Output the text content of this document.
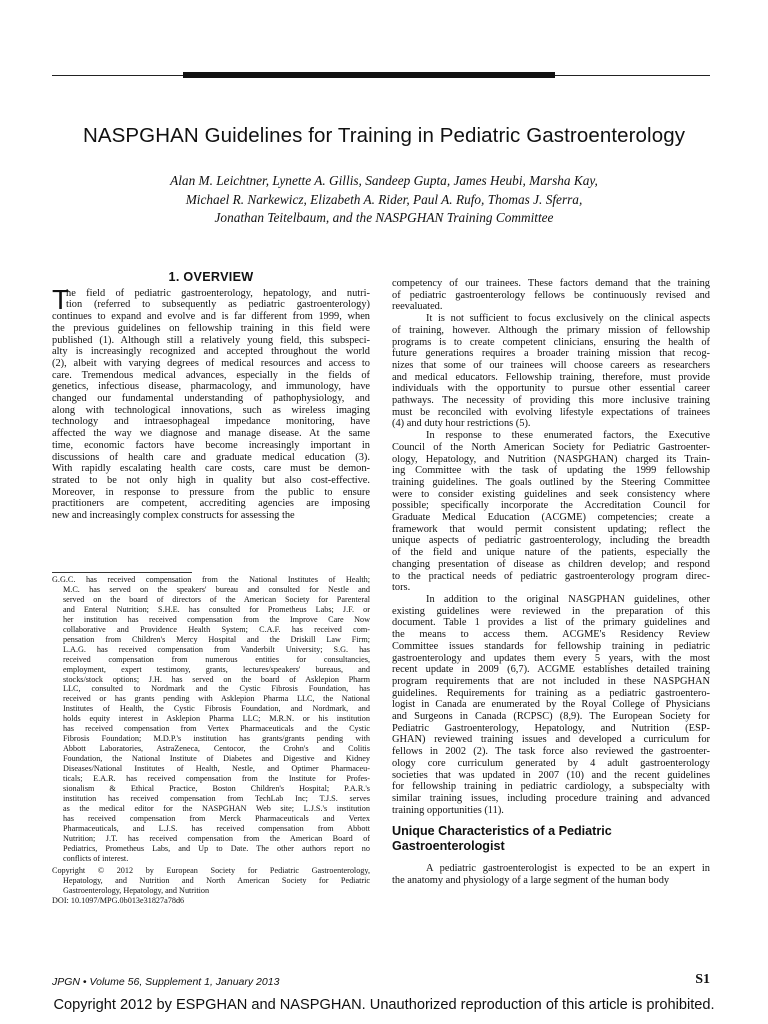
NASPGHAN Guidelines for Training in Pediatric Gastroenterology
Alan M. Leichtner, Lynette A. Gillis, Sandeep Gupta, James Heubi, Marsha Kay,
Michael R. Narkewicz, Elizabeth A. Rider, Paul A. Rufo, Thomas J. Sferra,
Jonathan Teitelbaum, and the NASPGHAN Training Committee
1. OVERVIEW
T
he field of pediatric gastroenterology, hepatology, and nutri-
tion (referred to subsequently as pediatric gastroenterology)
continues to expand and evolve and is far different from 1999, when
the previous guidelines on fellowship training in this field were
published (1). Although still a relatively young field, this subspeci-
alty is increasingly recognized and accepted throughout the world
(2), albeit with varying degrees of medical resources and access to
care. Tremendous medical advances, especially in the fields of
genetics, infectious disease, pharmacology, and immunology, have
changed our fundamental understanding of pathophysiology, and
along with technological innovations, such as wireless imaging
technology and intraesophageal impedance monitoring, have
affected the way we diagnose and manage disease. At the same
time, economic factors have become increasingly important in
discussions of health care and graduate medical education (3).
With rapidly escalating health care costs, care must be demon-
strated to be not only high in quality but also cost-effective.
Moreover, in response to pressure from the public to ensure
practitioners are competent, accrediting agencies are imposing
new and increasingly complex constructs for assessing the
G.G.C. has received compensation from the National Institutes of Health;
M.C. has served on the speakers' bureau and consulted for Nestle and
served on the board of directors of the American Society for Parenteral
and Enteral Nutrition; S.H.E. has consulted for Prometheus Labs; J.F. or
her institution has received compensation from the Improve Care Now
collaborative and Providence Health System; C.A.F. has received com-
pensation from Children's Mercy Hospital and the Driskill Law Firm;
L.A.G. has received compensation from Vanderbilt University; S.G. has
received compensation from numerous entities for consultancies,
employment, expert testimony, grants, lectures/speakers' bureaus, and
stocks/stock options; J.H. has served on the board of Asklepion Pharm
LLC, consulted to Nordmark and the Cystic Fibrosis Foundation, has
received or has grants pending with Asklepion Pharma LLC, the National
Institutes of Health, the Cystic Fibrosis Foundation, and Nordmark, and
holds equity interest in Asklepion Pharma LLC; M.R.N. or his institution
has received compensation from Vertex Pharmaceuticals and the Cystic
Fibrosis Foundation; M.D.P.'s institution has grants/grants pending with
Abbott Laboratories, AstraZeneca, Centocor, the Crohn's and Colitis
Foundation, the National Institute of Diabetes and Digestive and Kidney
Diseases/National Institutes of Health, Nestle, and Optimer Pharmaceu-
ticals; E.A.R. has received compensation from the Institute for Profes-
sionalism & Ethical Practice, Boston Children's Hospital; P.A.R.'s
institution has received compensation from TechLab Inc; T.J.S. serves
as the medical editor for the NASPGHAN Web site; L.J.S.'s institution
has received compensation from Merck Pharmaceuticals and Vertex
Pharmaceuticals, and L.J.S. has received compensation from Abbott
Nutrition; J.T. has received compensation from the American Board of
Pediatrics, Prometheus Labs, and Up to Date. The other authors report no
conflicts of interest.
Copyright © 2012 by European Society for Pediatric Gastroenterology,
Hepatology, and Nutrition and North American Society for Pediatric
Gastroenterology, Hepatology, and Nutrition
DOI: 10.1097/MPG.0b013e31827a78d6
competency of our trainees. These factors demand that the training
of pediatric gastroenterology fellows be continuously revised and
reevaluated.
It is not sufficient to focus exclusively on the clinical aspects
of training, however. Although the primary mission of fellowship
programs is to create competent clinicians, ensuring the health of
future generations requires a broader training mission that recog-
nizes that some of our trainees will choose careers as researchers
and medical educators. Fellowship training, therefore, must provide
individuals with the opportunity to pursue other essential career
pathways. The necessity of providing this more inclusive training
must be reconciled with evolving lifestyle expectations of trainees
(4) and duty hour restrictions (5).
In response to these enumerated factors, the Executive
Council of the North American Society for Pediatric Gastroenter-
ology, Hepatology, and Nutrition (NASPGHAN) charged its Train-
ing Committee with the task of updating the 1999 fellowship
training guidelines. The goals outlined by the Steering Committee
were to consider existing guidelines and seek consistency where
possible; specifically incorporate the Accreditation Council for
Graduate Medical Education (ACGME) competencies; create a
framework that would permit consistent updating; reflect the
unique aspects of pediatric gastroenterology, including the breadth
of the field and unique nature of the patients, especially the
changing presentation of disease as children develop; and respond
to the practical needs of pediatric gastroenterology program direc-
tors.
In addition to the original NASGPHAN guidelines, other
existing guidelines were reviewed in the preparation of this
document. Table 1 provides a list of the primary guidelines and
the means to access them. ACGME's Residency Review
Committee issues standards for fellowship training in pediatric
gastroenterology and updates them every 5 years, with the most
recent update in 2009 (6,7). ACGME establishes detailed training
program requirements that are not included in these NASPGHAN
guidelines. Requirements for training as a pediatric gastroentero-
logist in Canada are enumerated by the Royal College of Physicians
and Surgeons in Canada (RCPSC) (8,9). The European Society for
Pediatric Gastroenterology, Hepatology, and Nutrition (ESP-
GHAN) reviewed training issues and developed a curriculum for
fellows in 2002 (2). The task force also reviewed the gastroenter-
ology core curriculum generated by 4 adult gastroenterology
societies that was updated in 2007 (10) and the recent guidelines
for fellowship training in pediatric cardiology, a subspecialty with
similar training issues, including procedure training and advanced
training opportunities (11).
Unique Characteristics of a Pediatric
Gastroenterologist
A pediatric gastroenterologist is expected to be an expert in
the anatomy and physiology of a large segment of the human body
JPGN • Volume 56, Supplement 1, January 2013	S1
Copyright 2012 by ESPGHAN and NASPGHAN. Unauthorized reproduction of this article is prohibited.
